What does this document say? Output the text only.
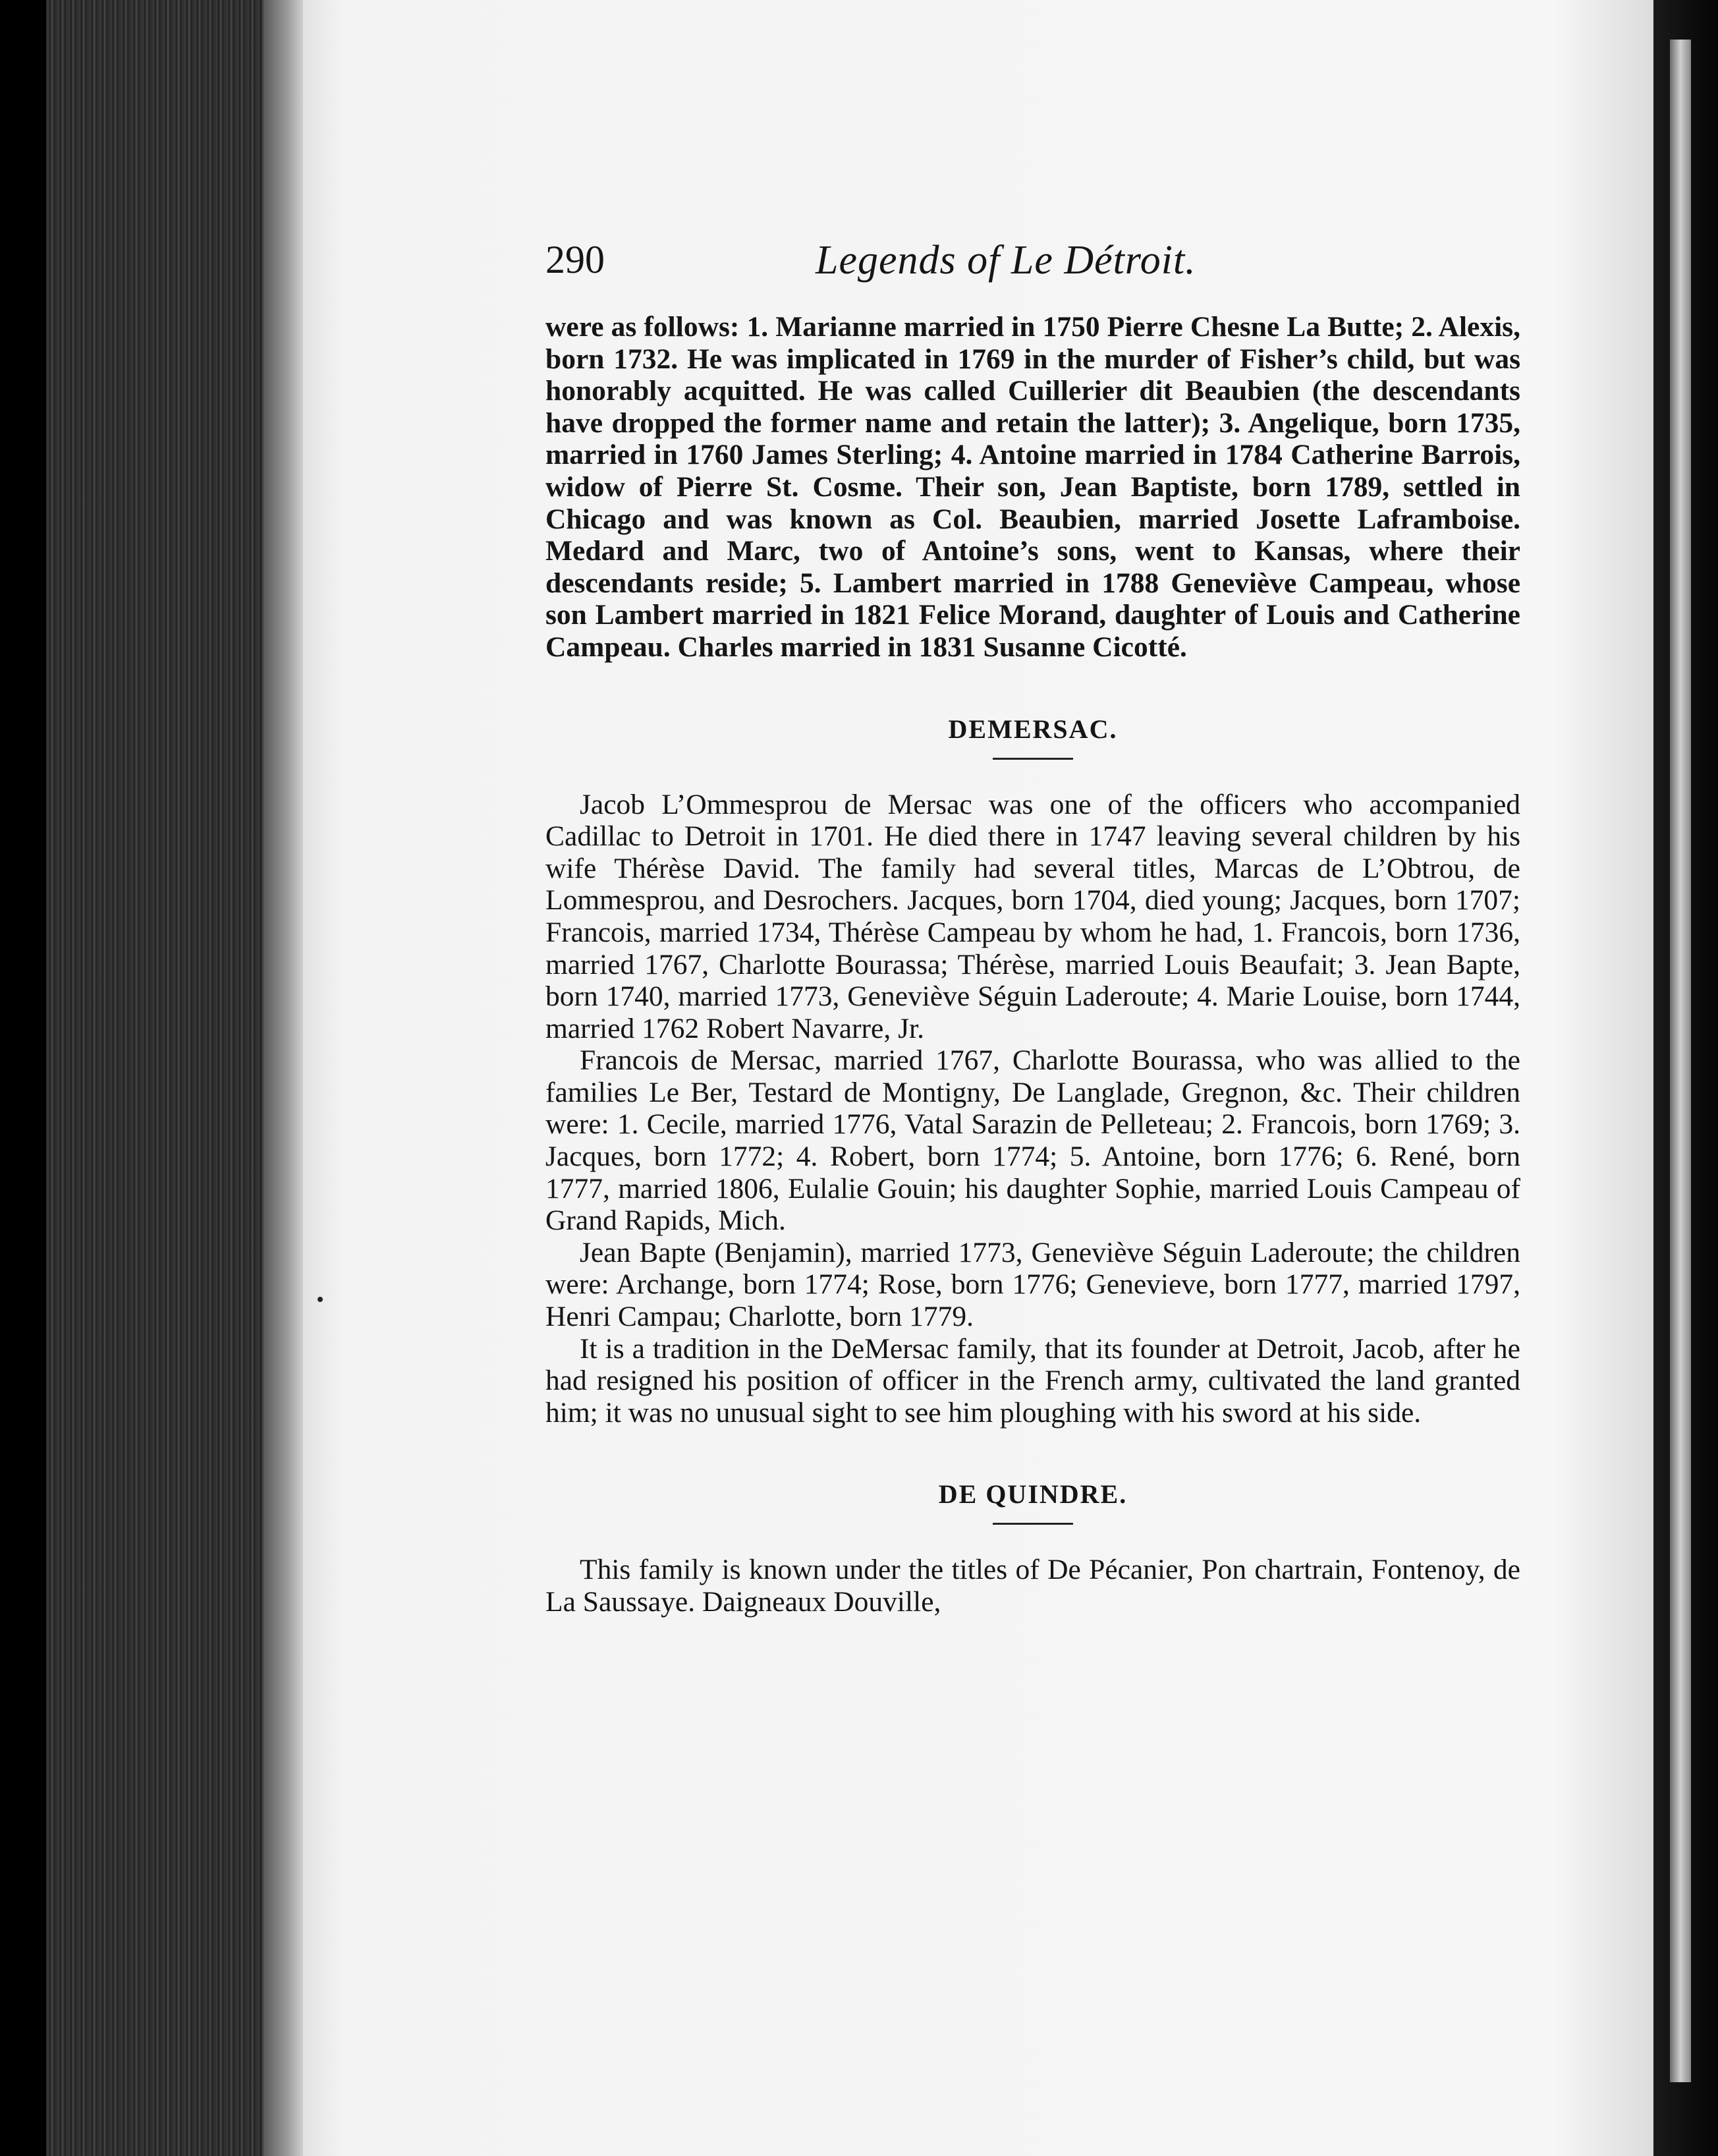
290	Legends of Le Détroit.

were as follows: 1. Marianne married in 1750 Pierre Chesne La Butte; 2. Alexis, born 1732. He was implicated in 1769 in the murder of Fisher’s child, but was honorably acquitted. He was called Cuillerier dit Beaubien (the descendants have dropped the former name and retain the latter); 3. Angelique, born 1735, married in 1760 James Sterling; 4. Antoine married in 1784 Catherine Barrois, widow of Pierre St. Cosme. Their son, Jean Baptiste, born 1789, settled in Chicago and was known as Col. Beaubien, married Josette Laframboise. Medard and Marc, two of Antoine’s sons, went to Kansas, where their descendants reside; 5. Lambert married in 1788 Geneviève Campeau, whose son Lambert married in 1821 Felice Morand, daughter of Louis and Catherine Campeau. Charles married in 1831 Susanne Cicotté.

DEMERSAC.

Jacob L’Ommesprou de Mersac was one of the officers who accompanied Cadillac to Detroit in 1701. He died there in 1747 leaving several children by his wife Thérèse David. The family had several titles, Marcas de L’Obtrou, de Lommesprou, and Desrochers. Jacques, born 1704, died young; Jacques, born 1707; Francois, married 1734, Thérèse Campeau by whom he had, 1. Francois, born 1736, married 1767, Charlotte Bourassa; Thérèse, married Louis Beaufait; 3. Jean Bapte, born 1740, married 1773, Geneviève Séguin Laderoute; 4. Marie Louise, born 1744, married 1762 Robert Navarre, Jr.

Francois de Mersac, married 1767, Charlotte Bourassa, who was allied to the families Le Ber, Testard de Montigny, De Langlade, Gregnon, &c. Their children were: 1. Cecile, married 1776, Vatal Sarazin de Pelleteau; 2. Francois, born 1769; 3. Jacques, born 1772; 4. Robert, born 1774; 5. Antoine, born 1776; 6. René, born 1777, married 1806, Eulalie Gouin; his daughter Sophie, married Louis Campeau of Grand Rapids, Mich.

Jean Bapte (Benjamin), married 1773, Geneviève Séguin Laderoute; the children were: Archange, born 1774; Rose, born 1776; Genevieve, born 1777, married 1797, Henri Campau; Charlotte, born 1779.

It is a tradition in the DeMersac family, that its founder at Detroit, Jacob, after he had resigned his position of officer in the French army, cultivated the land granted him; it was no unusual sight to see him ploughing with his sword at his side.

DE QUINDRE.

This family is known under the titles of De Pécanier, Pon chartrain, Fontenoy, de La Saussaye. Daigneaux Douville,
